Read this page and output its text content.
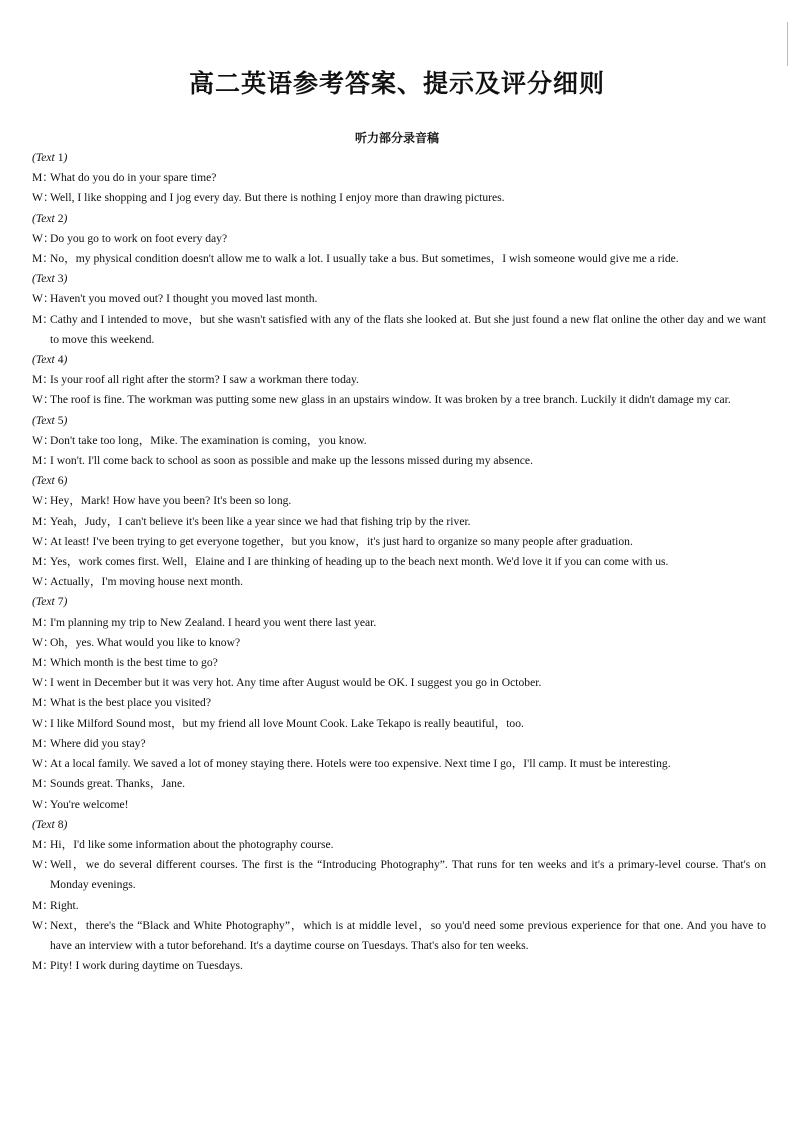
高二英语参考答案、提示及评分细则
听力部分录音稿
(Text 1)
M：
What do you do in your spare time?
W：
Well, I like shopping and I jog every day. But there is nothing I enjoy more than drawing pictures.
(Text 2)
W：
Do you go to work on foot every day?
M：
No，my physical condition doesn't allow me to walk a lot. I usually take a bus. But sometimes，I wish someone would give me a ride.
(Text 3)
W：
Haven't you moved out? I thought you moved last month.
M：
Cathy and I intended to move，but she wasn't satisfied with any of the flats she looked at. But she just found a new flat online the other day and we want to move this weekend.
(Text 4)
M：
Is your roof all right after the storm? I saw a workman there today.
W：
The roof is fine. The workman was putting some new glass in an upstairs window. It was broken by a tree branch. Luckily it didn't damage my car.
(Text 5)
W：
Don't take too long，Mike. The examination is coming，you know.
M：
I won't. I'll come back to school as soon as possible and make up the lessons missed during my absence.
(Text 6)
W：
Hey，Mark! How have you been? It's been so long.
M：
Yeah，Judy，I can't believe it's been like a year since we had that fishing trip by the river.
W：
At least! I've been trying to get everyone together，but you know，it's just hard to organize so many people after graduation.
M：
Yes，work comes first. Well，Elaine and I are thinking of heading up to the beach next month. We'd love it if you can come with us.
W：
Actually，I'm moving house next month.
(Text 7)
M：
I'm planning my trip to New Zealand. I heard you went there last year.
W：
Oh，yes. What would you like to know?
M：
Which month is the best time to go?
W：
I went in December but it was very hot. Any time after August would be OK. I suggest you go in October.
M：
What is the best place you visited?
W：
I like Milford Sound most，but my friend all love Mount Cook. Lake Tekapo is really beautiful，too.
M：
Where did you stay?
W：
At a local family. We saved a lot of money staying there. Hotels were too expensive. Next time I go，I'll camp. It must be interesting.
M：
Sounds great. Thanks，Jane.
W：
You're welcome!
(Text 8)
M：
Hi，I'd like some information about the photography course.
W：
Well，we do several different courses. The first is the “Introducing Photography”. That runs for ten weeks and it's a primary-level course. That's on Monday evenings.
M：
Right.
W：
Next，there's the “Black and White Photography”，which is at middle level，so you'd need some previous experience for that one. And you have to have an interview with a tutor beforehand. It's a daytime course on Tuesdays. That's also for ten weeks.
M：
Pity! I work during daytime on Tuesdays.
